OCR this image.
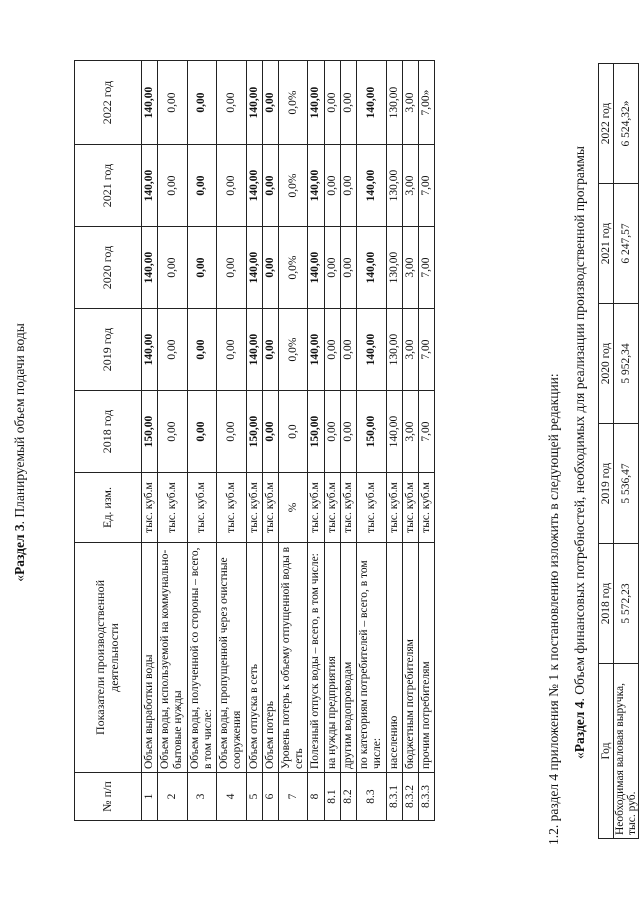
«Раздел 3. Планируемый объем подачи воды
№ п/п	Показатели производственной деятельности	Ед. изм.	2018 год	2019 год	2020 год	2021 год	2022 год
1	Объем выработки воды	тыс. куб.м	150,00	140,00	140,00	140,00	140,00
2	Объем воды, используемой на коммунально-бытовые нужды	тыс. куб.м	0,00	0,00	0,00	0,00	0,00
3	Объем воды, полученной со стороны – всего, в том числе:	тыс. куб.м	0,00	0,00	0,00	0,00	0,00
4	Объем воды, пропущенной через очистные сооружения	тыс. куб.м	0,00	0,00	0,00	0,00	0,00
5	Объем отпуска в сеть	тыс. куб.м	150,00	140,00	140,00	140,00	140,00
6	Объем потерь	тыс. куб.м	0,00	0,00	0,00	0,00	0,00
7	Уровень потерь к объему отпущенной воды в сеть	%	0,0	0,0%	0,0%	0,0%	0,0%
8	Полезный отпуск воды – всего, в том числе:	тыс. куб.м	150,00	140,00	140,00	140,00	140,00
8.1	на нужды предприятия	тыс. куб.м	0,00	0,00	0,00	0,00	0,00
8.2	другим водопроводам	тыс. куб.м	0,00	0,00	0,00	0,00	0,00
8.3	по категориям потребителей – всего, в том числе:	тыс. куб.м	150,00	140,00	140,00	140,00	140,00
8.3.1	населению	тыс. куб.м	140,00	130,00	130,00	130,00	130,00
8.3.2	бюджетным потребителям	тыс. куб.м	3,00	3,00	3,00	3,00	3,00
8.3.3	прочим потребителям	тыс. куб.м	7,00	7,00	7,00	7,00	7,00»
1.2. раздел 4 приложения № 1 к постановлению изложить в следующей редакции: «Раздел 4. Объем финансовых потребностей, необходимых для реализации производственной программы
Год	2018 год	2019 год	2020 год	2021 год	2022 год
Необходимая валовая выручка, тыс. руб.	5 572,23	5 536,47	5 952,34	6 247,57	6 524,32»
